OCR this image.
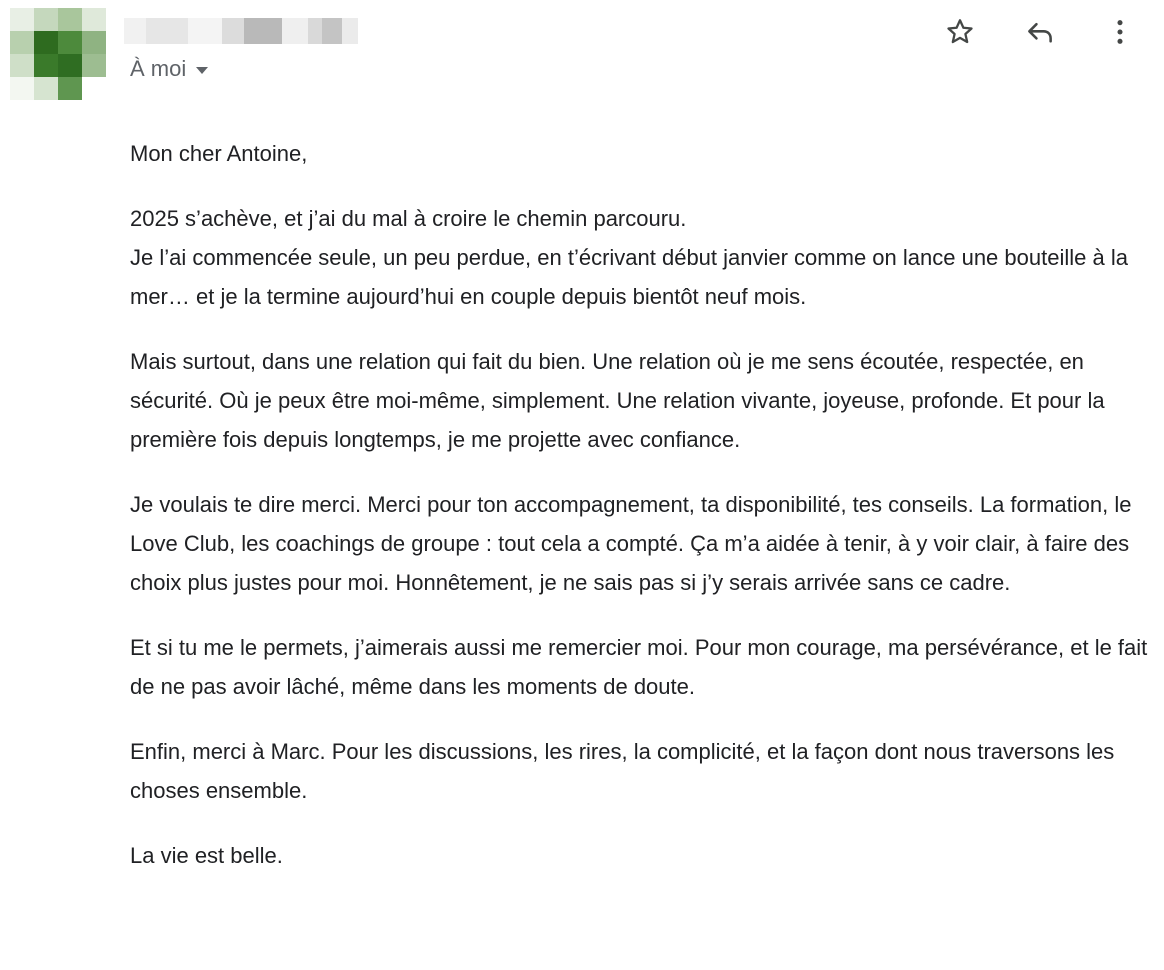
À moi

Mon cher Antoine,

2025 s’achève, et j’ai du mal à croire le chemin parcouru.
Je l’ai commencée seule, un peu perdue, en t’écrivant début janvier comme on lance une bouteille à la mer… et je la termine aujourd’hui en couple depuis bientôt neuf mois.

Mais surtout, dans une relation qui fait du bien. Une relation où je me sens écoutée, respectée, en sécurité. Où je peux être moi-même, simplement. Une relation vivante, joyeuse, profonde. Et pour la première fois depuis longtemps, je me projette avec confiance.

Je voulais te dire merci. Merci pour ton accompagnement, ta disponibilité, tes conseils. La formation, le Love Club, les coachings de groupe : tout cela a compté. Ça m’a aidée à tenir, à y voir clair, à faire des choix plus justes pour moi. Honnêtement, je ne sais pas si j’y serais arrivée sans ce cadre.

Et si tu me le permets, j’aimerais aussi me remercier moi. Pour mon courage, ma persévérance, et le fait de ne pas avoir lâché, même dans les moments de doute.

Enfin, merci à Marc. Pour les discussions, les rires, la complicité, et la façon dont nous traversons les choses ensemble.

La vie est belle.
